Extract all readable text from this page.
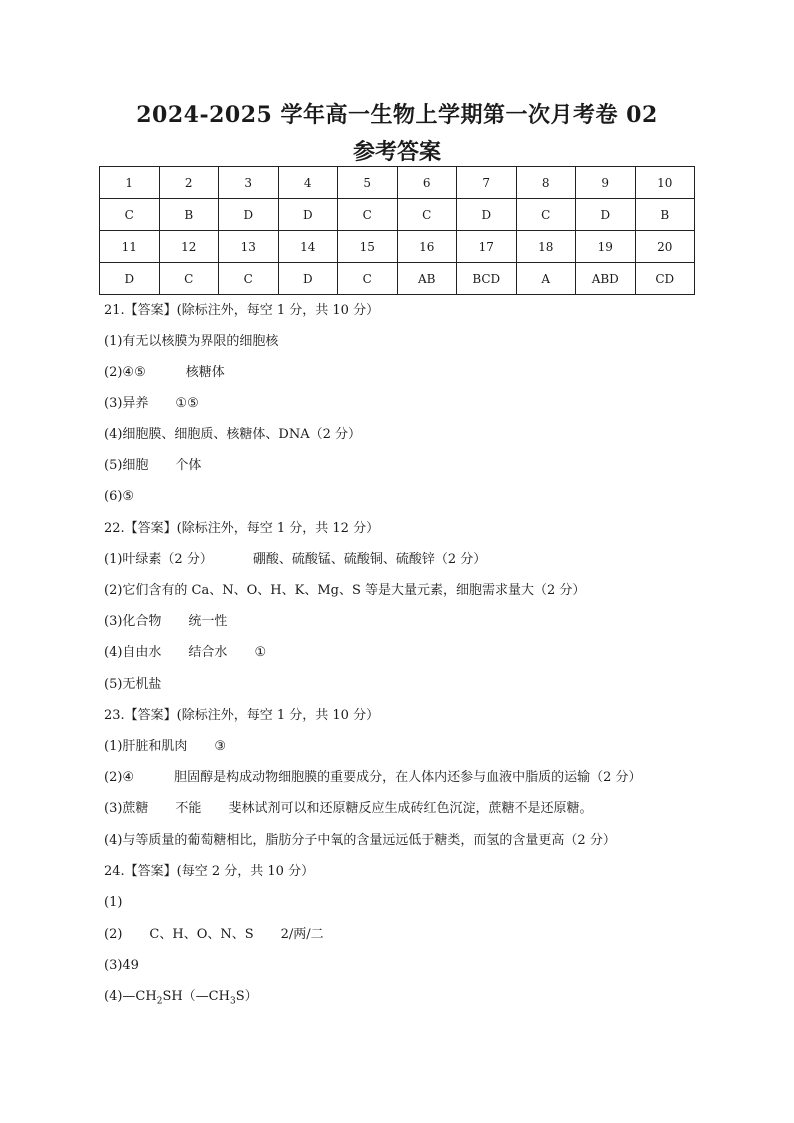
2024-2025 学年高一生物上学期第一次月考卷 02
参考答案
1	2	3	4	5	6	7	8	9	10
C	B	D	D	C	C	D	C	D	B
11	12	13	14	15	16	17	18	19	20
D	C	C	D	C	AB	BCD	A	ABD	CD
21.【答案】(除标注外，每空 1 分，共 10 分）
(1)有无以核膜为界限的细胞核
(2)④⑤	核糖体
(3)异养 ①⑤
(4)细胞膜、细胞质、核糖体、DNA（2 分）
(5)细胞 个体
(6)⑤
22.【答案】(除标注外，每空 1 分，共 12 分）
(1)叶绿素（2 分）	硼酸、硫酸锰、硫酸铜、硫酸锌（2 分）
(2)它们含有的 Ca、N、O、H、K、Mg、S 等是大量元素，细胞需求量大（2 分）
(3)化合物 统一性
(4)自由水 结合水 ①
(5)无机盐
23.【答案】(除标注外，每空 1 分，共 10 分）
(1)肝脏和肌肉 ③
(2)④	胆固醇是构成动物细胞膜的重要成分，在人体内还参与血液中脂质的运输（2 分）
(3)蔗糖 不能 斐林试剂可以和还原糖反应生成砖红色沉淀，蔗糖不是还原糖。
(4)与等质量的葡萄糖相比，脂肪分子中氧的含量远远低于糖类，而氢的含量更高（2 分）
24.【答案】(每空 2 分，共 10 分）
(1)
(2) C、H、O、N、S 2/两/二
(3)49
$(4)—CH_2SH(—CH_3S)$
